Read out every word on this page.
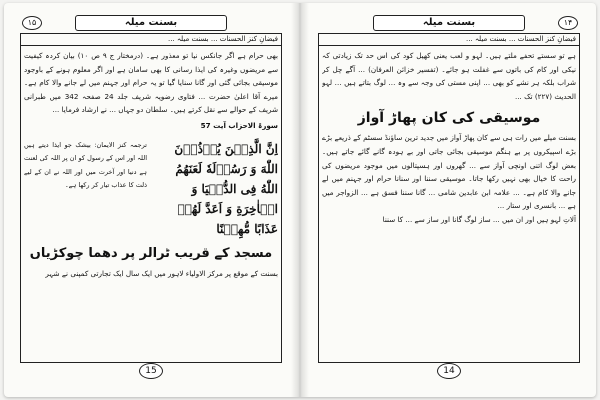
بسنت میلہ
۱۵
فیضانِ کنز الحسنات ... بسنت میلہ ...

بھی حرام ہے اگر جانکس نیا تو معذور ہے۔ (درمختار ج ۹ ص ۱۰) بیان کردہ کیفیت سے مریضوں وغیرہ کی ایذا رسانی کا بھی سامان ہے اور اگر معلوم ہونے کے باوجود موسیقی بجائی گئی اور گانا سنایا گیا تو یہ حرام اور جہنم میں لے جانے والا کام ہے۔ میرے آقا اعلیٰ حضرت ... فتاوی رضویہ شریف جلد 24 صفحہ 342 میں طبرانی شریف کے حوالے سے نقل کرتے ہیں۔ سلطان دو جہاں ... نے ارشاد فرمایا ...

سورۃ الاحزاب آیت 57

اِنَّ الَّذِیۡنَ یُؤۡذُوۡنَ اللّٰهَ وَ رَسُوۡلَهٗ لَعَنَهُمُ اللّٰهُ فِی الدُّنۡیَا وَ الۡاٰخِرَةِ وَ اَعَدَّ لَهُمۡ عَذَابًا مُّهِیۡنًا
ترجمہ کنز الایمان: بیشک جو ایذا دیتے ہیں اللہ اور اس کے رسول کو ان پر اللہ کی لعنت ہے دنیا اور آخرت میں اور اللہ نے ان کے لیے ذلت کا عذاب تیار کر رکھا ہے۔
مسجد کے قریب ٹرالر پر دھما چوکڑیاں

بسنت کے موقع پر مرکز الاولیاء لاہور میں ایک سال ایک تجارتی کمپنی نے شہر

15
بسنت میلہ	۱۴
فیضانِ کنز الحسنات ... بسنت میلہ ...

ہے تو سستے تحفے ملتے ہیں۔ لہو و لعب یعنی کھیل کود کی اس حد تک زیادتی کہ نیکی اور کام کی باتوں سے غفلت ہو جائے۔ (تفسیر خزائن العرفان) ... آگے چل کر شراب بلکہ ہر نشے کو بھی ... اپنی مستی کی وجہ سے وہ ... لوگ بتاتے ہیں ... لہو الحدیث (۲۲۷) تک ...

موسیقی کی کان پھاڑ آواز

بسنت میلے میں رات ہی سے کان پھاڑ آواز میں جدید ترین ساؤنڈ سسٹم کے ذریعے بڑے بڑے اسپیکروں پر بے ہنگم موسیقی بجائی جاتی اور بے ہودہ گانے گائے جاتے ہیں۔ بعض لوگ اتنی اونچی آواز سے ... گھروں اور ہسپتالوں میں موجود مریضوں کی راحت کا خیال بھی نہیں رکھا جاتا۔ موسیقی سننا اور سنانا حرام اور جہنم میں لے جانے والا کام ہے۔ ... علامہ ابن عابدین شامی ... گانا سننا فسق ہے ... الزواجر میں ہے ... بانسری اور ستار ...

آلاتِ لہو ہیں اور ان میں ... ساز لوگ گانا اور ساز سے ... کا سننا

14
